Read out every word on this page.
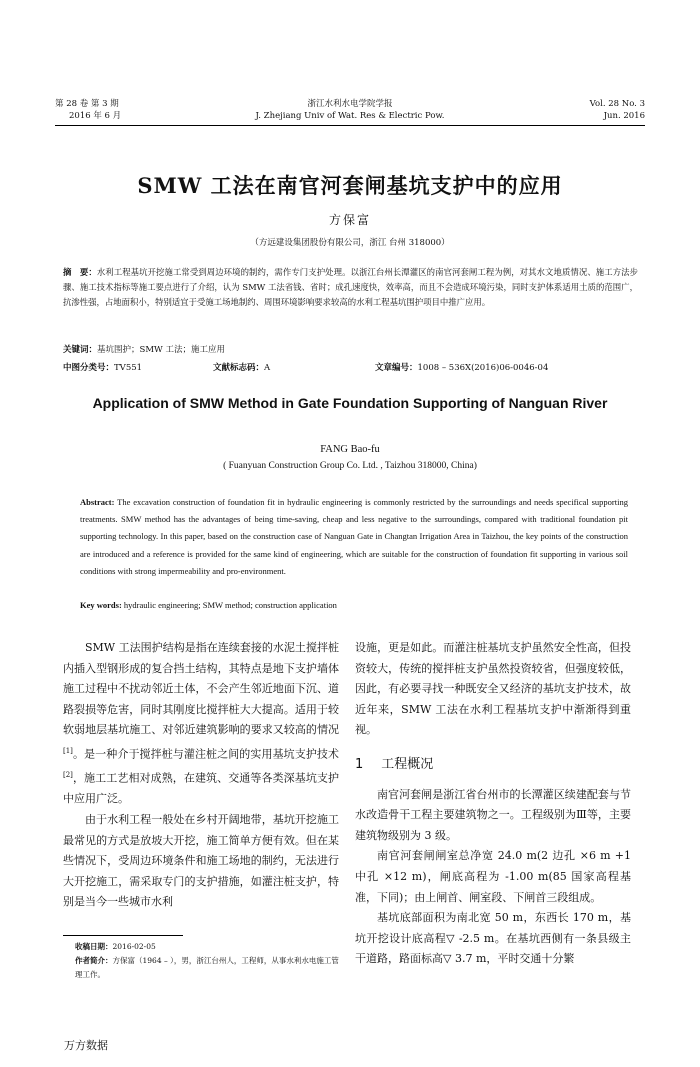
第 28 卷 第 3 期
2016 年 6 月
浙江水利水电学院学报
J. Zhejiang Univ of Wat. Res & Electric Pow.
Vol. 28 No. 3
Jun. 2016
SMW 工法在南官河套闸基坑支护中的应用
方保富
（方远建设集团股份有限公司，浙江 台州 318000）
摘　要：水利工程基坑开挖施工常受到周边环境的制约，需作专门支护处理。以浙江台州长潭灌区的南官河套闸工程为例，对其水文地质情况、施工方法步骤、施工技术指标等施工要点进行了介绍，认为 SMW 工法省钱、省时；成孔速度快，效率高，而且不会造成环境污染，同时支护体系适用土质的范围广，抗渗性强，占地面积小，特别适宜于受施工场地制约、周围环境影响要求较高的水利工程基坑围护项目中推广应用。
关键词：基坑围护；SMW 工法；施工应用
中图分类号：TV551	文献标志码：A	文章编号：1008 – 536X(2016)06-0046-04
Application of SMW Method in Gate Foundation Supporting of Nanguan River
FANG Bao-fu
( Fuanyuan Construction Group Co. Ltd. , Taizhou 318000, China)
Abstract: The excavation construction of foundation fit in hydraulic engineering is commonly restricted by the surroundings and needs specifical supporting treatments. SMW method has the advantages of being time-saving, cheap and less negative to the surroundings, compared with traditional foundation pit supporting technology. In this paper, based on the construction case of Nanguan Gate in Changtan Irrigation Area in Taizhou, the key points of the construction are introduced and a reference is provided for the same kind of engineering, which are suitable for the construction of foundation fit supporting in various soil conditions with strong impermeability and pro-environment.
Key words: hydraulic engineering; SMW method; construction application

SMW 工法围护结构是指在连续套接的水泥土搅拌桩内插入型钢形成的复合挡土结构，其特点是地下支护墙体施工过程中不扰动邻近土体，不会产生邻近地面下沉、道路裂损等危害，同时其刚度比搅拌桩大大提高。适用于较软弱地层基坑施工、对邻近建筑影响的要求又较高的情况[1]。是一种介于搅拌桩与灌注桩之间的实用基坑支护技术[2]，施工工艺相对成熟，在建筑、交通等各类深基坑支护中应用广泛。

由于水利工程一般处在乡村开阔地带，基坑开挖施工最常见的方式是放坡大开挖，施工简单方便有效。但在某些情况下，受周边环境条件和施工场地的制约，无法进行大开挖施工，需采取专门的支护措施，如灌注桩支护，特别是当今一些城市水利

设施，更是如此。而灌注桩基坑支护虽然安全性高，但投资较大，传统的搅拌桩支护虽然投资较省，但强度较低，因此，有必要寻找一种既安全又经济的基坑支护技术，故近年来，SMW 工法在水利工程基坑支护中渐渐得到重视。

1 工程概况

南官河套闸是浙江省台州市的长潭灌区续建配套与节水改造骨干工程主要建筑物之一。工程级别为Ⅲ等，主要建筑物级别为 3 级。

南官河套闸闸室总净宽 24.0 m(2 边孔 ×6 m +1 中孔 ×12 m)，闸底高程为 -1.00 m(85 国家高程基准，下同)；由上闸首、闸室段、下闸首三段组成。

基坑底部面积为南北宽 50 m，东西长 170 m，基坑开挖设计底高程▽ -2.5 m。在基坑西侧有一条县级主干道路，路面标高▽ 3.7 m，平时交通十分繁

收稿日期：2016-02-05
作者简介：方保富（1964 – ），男，浙江台州人，工程师，从事水利水电施工管理工作。
万方数据
